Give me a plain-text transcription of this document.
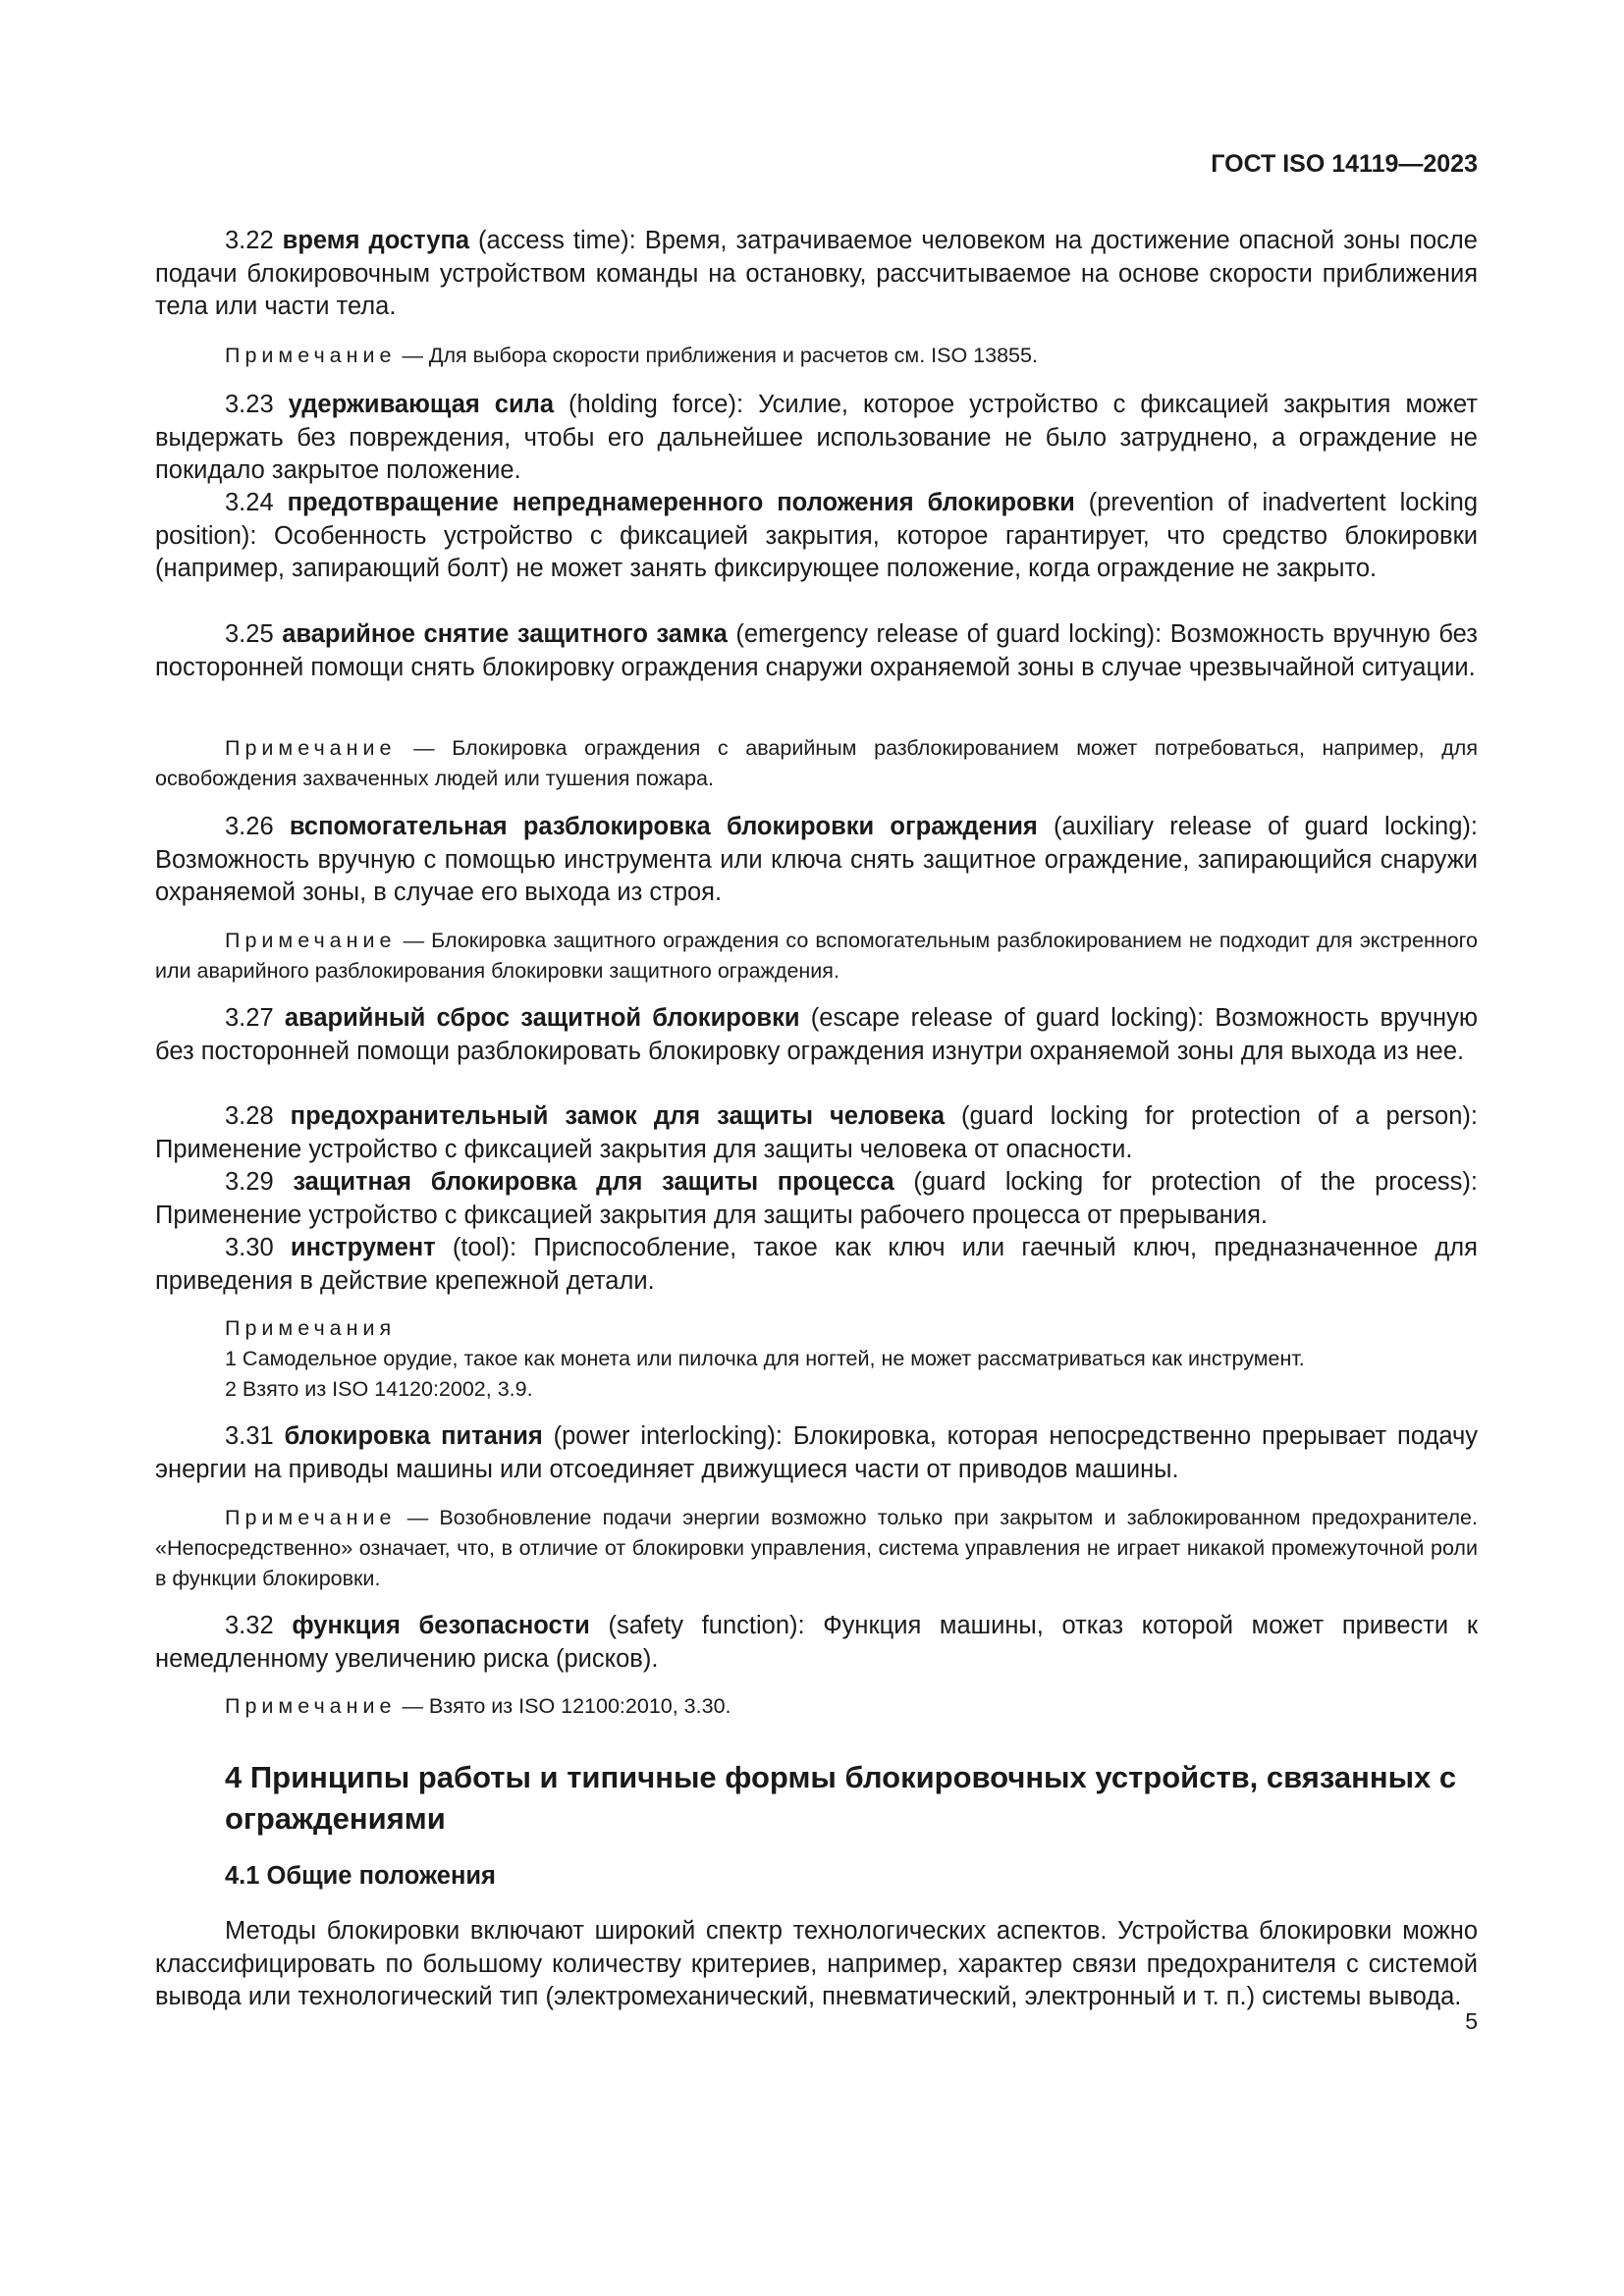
ГОСТ ISO 14119—2023
3.22 время доступа (access time): Время, затрачиваемое человеком на достижение опасной зоны после подачи блокировочным устройством команды на остановку, рассчитываемое на основе скорости приближения тела или части тела.
Примечание — Для выбора скорости приближения и расчетов см. ISO 13855.
3.23 удерживающая сила (holding force): Усилие, которое устройство с фиксацией закрытия может выдержать без повреждения, чтобы его дальнейшее использование не было затруднено, а ограждение не покидало закрытое положение.
3.24 предотвращение непреднамеренного положения блокировки (prevention of inadvertent locking position): Особенность устройство с фиксацией закрытия, которое гарантирует, что средство блокировки (например, запирающий болт) не может занять фиксирующее положение, когда ограждение не закрыто.
3.25 аварийное снятие защитного замка (emergency release of guard locking): Возможность вручную без посторонней помощи снять блокировку ограждения снаружи охраняемой зоны в случае чрезвычайной ситуации.
Примечание — Блокировка ограждения с аварийным разблокированием может потребоваться, например, для освобождения захваченных людей или тушения пожара.
3.26 вспомогательная разблокировка блокировки ограждения (auxiliary release of guard locking): Возможность вручную с помощью инструмента или ключа снять защитное ограждение, запирающийся снаружи охраняемой зоны, в случае его выхода из строя.
Примечание — Блокировка защитного ограждения со вспомогательным разблокированием не подходит для экстренного или аварийного разблокирования блокировки защитного ограждения.
3.27 аварийный сброс защитной блокировки (escape release of guard locking): Возможность вручную без посторонней помощи разблокировать блокировку ограждения изнутри охраняемой зоны для выхода из нее.
3.28 предохранительный замок для защиты человека (guard locking for protection of a person): Применение устройство с фиксацией закрытия для защиты человека от опасности.
3.29 защитная блокировка для защиты процесса (guard locking for protection of the process): Применение устройство с фиксацией закрытия для защиты рабочего процесса от прерывания.
3.30 инструмент (tool): Приспособление, такое как ключ или гаечный ключ, предназначенное для приведения в действие крепежной детали.
Примечания
1 Самодельное орудие, такое как монета или пилочка для ногтей, не может рассматриваться как инструмент.
2 Взято из ISO 14120:2002, 3.9.
3.31 блокировка питания (power interlocking): Блокировка, которая непосредственно прерывает подачу энергии на приводы машины или отсоединяет движущиеся части от приводов машины.
Примечание — Возобновление подачи энергии возможно только при закрытом и заблокированном предохранителе. «Непосредственно» означает, что, в отличие от блокировки управления, система управления не играет никакой промежуточной роли в функции блокировки.
3.32 функция безопасности (safety function): Функция машины, отказ которой может привести к немедленному увеличению риска (рисков).
Примечание — Взято из ISO 12100:2010, 3.30.
4 Принципы работы и типичные формы блокировочных устройств, связанных с ограждениями
4.1 Общие положения
Методы блокировки включают широкий спектр технологических аспектов. Устройства блокировки можно классифицировать по большому количеству критериев, например, характер связи предохранителя с системой вывода или технологический тип (электромеханический, пневматический, электронный и т. п.) системы вывода.
5
